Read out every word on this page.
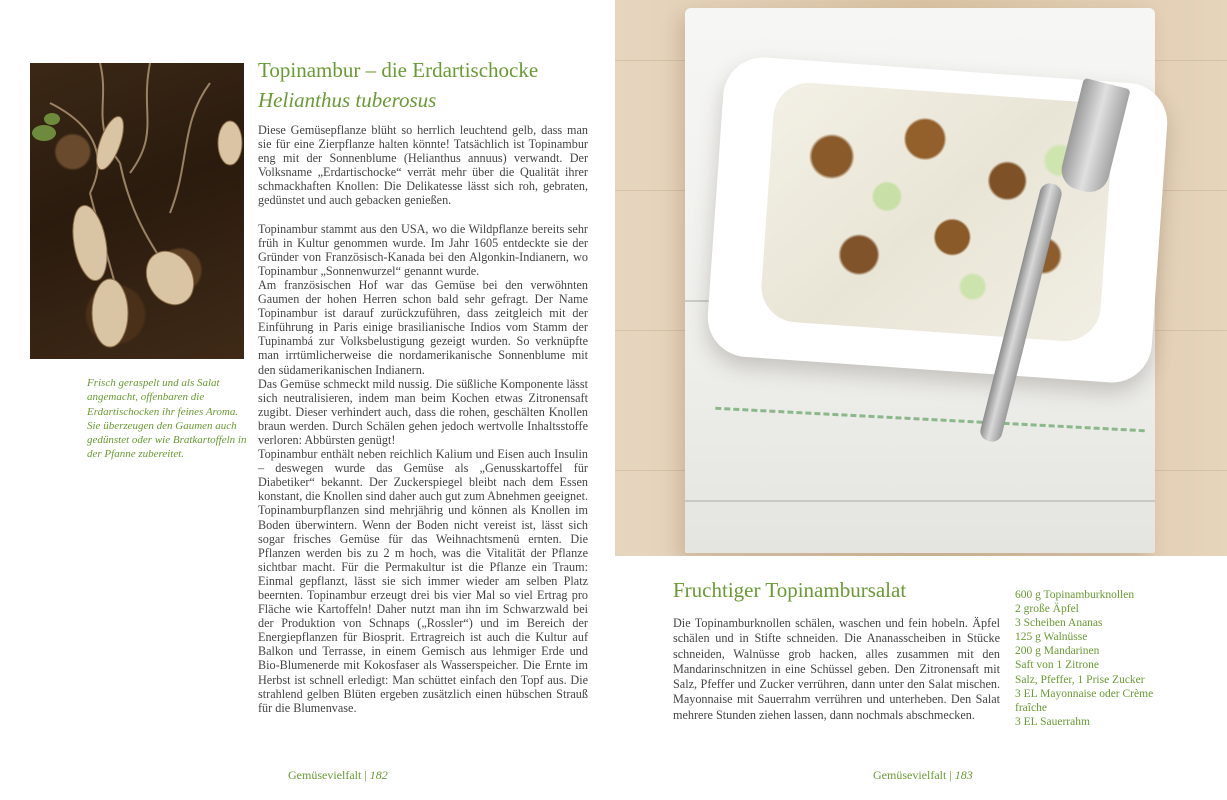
Frisch geraspelt und als Salat angemacht, offenbaren die Erdartischocken ihr feines Aroma. Sie überzeugen den Gaumen auch gedünstet oder wie Bratkartoffeln in der Pfanne zubereitet.
Topinambur – die Erdartischocke
Helianthus tuberosus

Diese Gemüsepflanze blüht so herrlich leuchtend gelb, dass man sie für eine Zierpflanze halten könnte! Tatsächlich ist Topinambur eng mit der Sonnenblume (Helianthus annuus) verwandt. Der Volksname „Erdartischocke“ verrät mehr über die Qualität ihrer schmackhaften Knollen: Die Delikatesse lässt sich roh, gebraten, gedünstet und auch gebacken genießen.

Topinambur stammt aus den USA, wo die Wildpflanze bereits sehr früh in Kultur genommen wurde. Im Jahr 1605 entdeckte sie der Gründer von Französisch-Kanada bei den Algonkin-Indianern, wo Topinambur „Sonnenwurzel“ genannt wurde.

Am französischen Hof war das Gemüse bei den verwöhnten Gaumen der hohen Herren schon bald sehr gefragt. Der Name Topinambur ist darauf zurückzuführen, dass zeitgleich mit der Einführung in Paris einige brasilianische Indios vom Stamm der Tupinambá zur Volksbelustigung gezeigt wurden. So verknüpfte man irrtümlicherweise die nordamerikanische Sonnenblume mit den südamerikanischen Indianern.

Das Gemüse schmeckt mild nussig. Die süßliche Komponente lässt sich neutralisieren, indem man beim Kochen etwas Zitronensaft zugibt. Dieser verhindert auch, dass die rohen, geschälten Knollen braun werden. Durch Schälen gehen jedoch wertvolle Inhaltsstoffe verloren: Abbürsten genügt!

Topinambur enthält neben reichlich Kalium und Eisen auch Insulin – deswegen wurde das Gemüse als „Genusskartoffel für Diabetiker“ bekannt. Der Zuckerspiegel bleibt nach dem Essen konstant, die Knollen sind daher auch gut zum Abnehmen geeignet.

Topinamburpflanzen sind mehrjährig und können als Knollen im Boden überwintern. Wenn der Boden nicht vereist ist, lässt sich sogar frisches Gemüse für das Weihnachtsmenü ernten. Die Pflanzen werden bis zu 2 m hoch, was die Vitalität der Pflanze sichtbar macht. Für die Permakultur ist die Pflanze ein Traum: Einmal gepflanzt, lässt sie sich immer wieder am selben Platz beernten. Topinambur erzeugt drei bis vier Mal so viel Ertrag pro Fläche wie Kartoffeln! Daher nutzt man ihn im Schwarzwald bei der Produktion von Schnaps („Rossler“) und im Bereich der Energiepflanzen für Biosprit. Ertragreich ist auch die Kultur auf Balkon und Terrasse, in einem Gemisch aus lehmiger Erde und Bio-Blumenerde mit Kokosfaser als Wasserspeicher. Die Ernte im Herbst ist schnell erledigt: Man schüttet einfach den Topf aus. Die strahlend gelben Blüten ergeben zusätzlich einen hübschen Strauß für die Blumenvase.

Gemüsevielfalt | 182
Fruchtiger Topinambursalat

Die Topinamburknollen schälen, waschen und fein hobeln. Äpfel schälen und in Stifte schneiden. Die Ananasscheiben in Stücke schneiden, Walnüsse grob hacken, alles zusammen mit den Mandarinschnitzen in eine Schüssel geben. Den Zitronensaft mit Salz, Pfeffer und Zucker verrühren, dann unter den Salat mischen. Mayonnaise mit Sauerrahm verrühren und unterheben. Den Salat mehrere Stunden ziehen lassen, dann nochmals abschmecken.

600 g Topinamburknollen
2 große Äpfel
3 Scheiben Ananas
125 g Walnüsse
200 g Mandarinen
Saft von 1 Zitrone
Salz, Pfeffer, 1 Prise Zucker
3 EL Mayonnaise oder Crème fraîche
3 EL Sauerrahm
Gemüsevielfalt | 183
